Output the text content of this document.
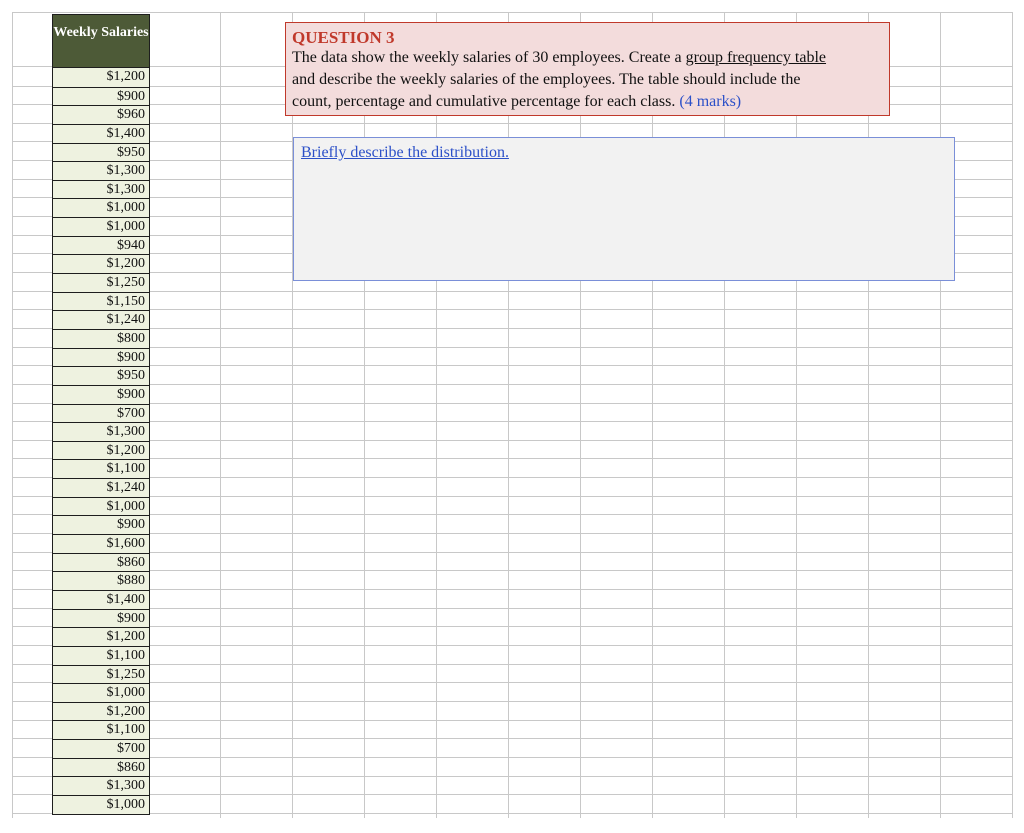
Weekly Salaries
$1,200
$900
$960
$1,400
$950
$1,300
$1,300
$1,000
$1,000
$940
$1,200
$1,250
$1,150
$1,240
$800
$900
$950
$900
$700
$1,300
$1,200
$1,100
$1,240
$1,000
$900
$1,600
$860
$880
$1,400
$900
$1,200
$1,100
$1,250
$1,000
$1,200
$1,100
$700
$860
$1,300
$1,000
QUESTION 3
The data show the weekly salaries of 30 employees. Create a group frequency table
and describe the weekly salaries of the employees. The table should include the
count, percentage and cumulative percentage for each class. (4 marks)
Briefly describe the distribution.
